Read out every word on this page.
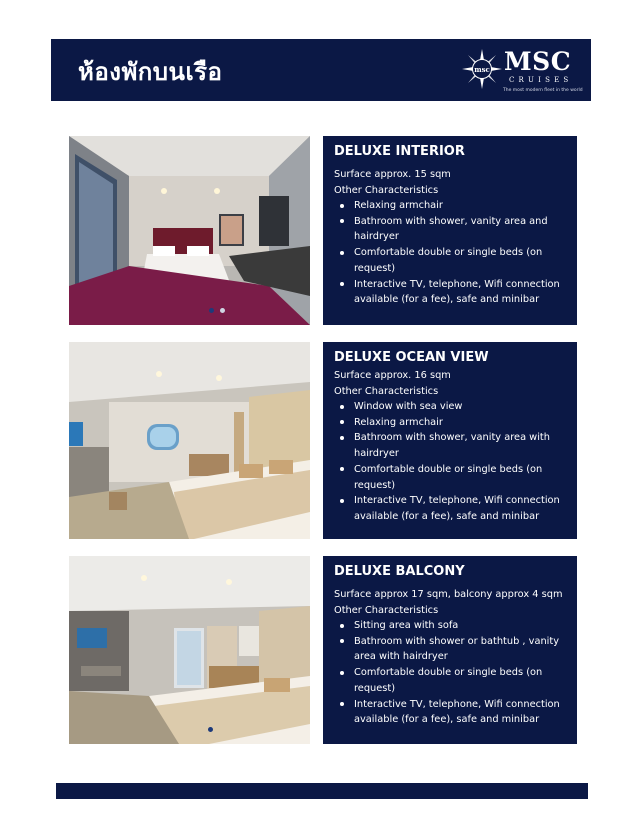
ห้องพักบนเรือ	msc MSC
CRUISES
The most modern fleet in the world
DELUXE INTERIOR
Surface approx. 15 sqm
Other Characteristics
Relaxing armchair
Bathroom with shower, vanity area and hairdryer
Comfortable double or single beds (on request)
Interactive TV, telephone, Wifi connection available (for a fee), safe and minibar
DELUXE OCEAN VIEW
Surface approx. 16 sqm
Other Characteristics
Window with sea view
Relaxing armchair
Bathroom with shower, vanity area with hairdryer
Comfortable double or single beds (on request)
Interactive TV, telephone, Wifi connection available (for a fee), safe and minibar
DELUXE BALCONY
Surface approx 17 sqm, balcony approx 4 sqm
Other Characteristics
Sitting area with sofa
Bathroom with shower or bathtub , vanity area with hairdryer
Comfortable double or single beds (on request)
Interactive TV, telephone, Wifi connection available (for a fee), safe and minibar
